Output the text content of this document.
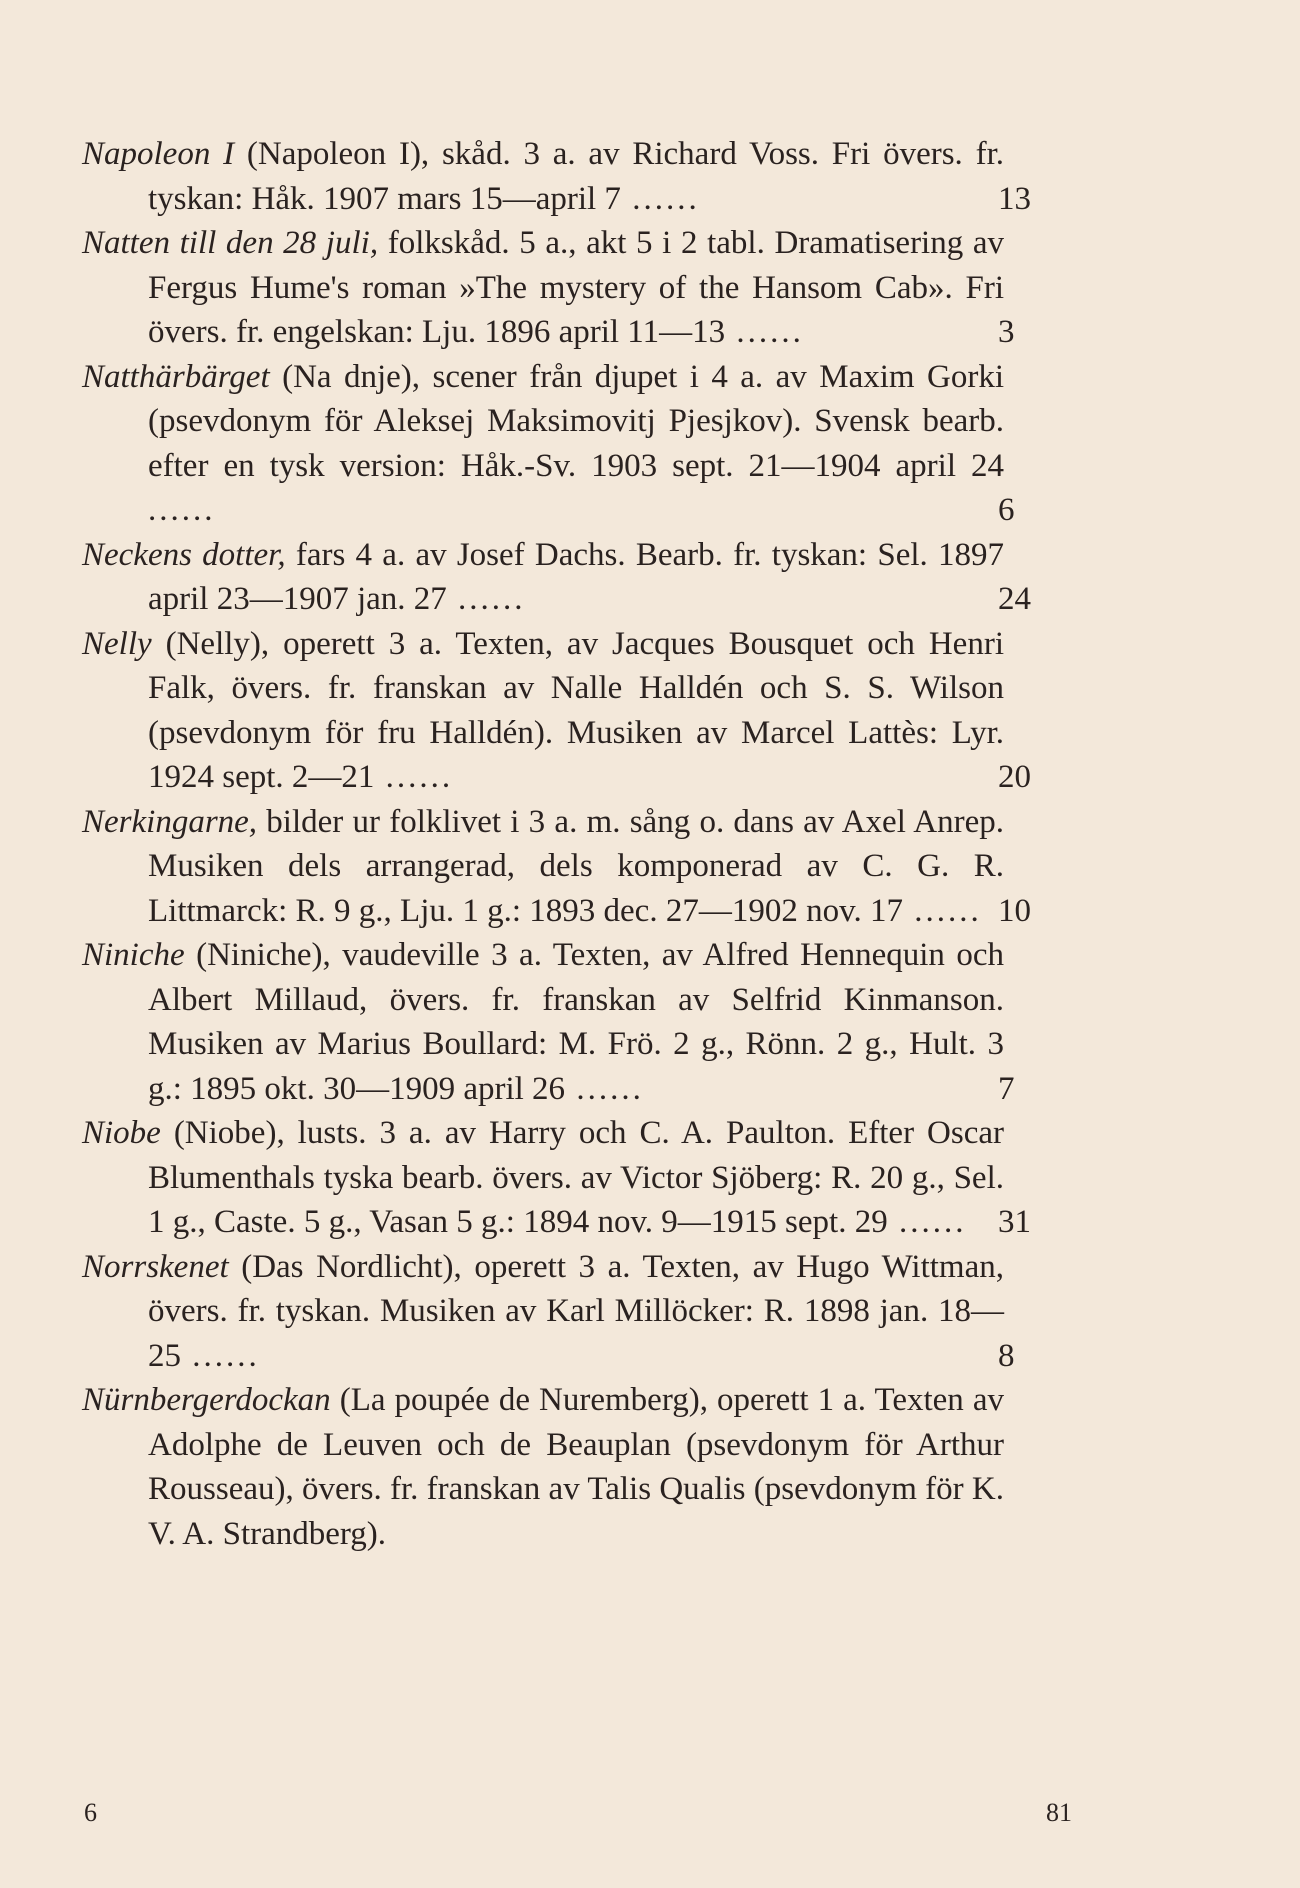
Napoleon I (Napoleon I), skåd. 3 a. av Richard Voss. Fri övers. fr. tyskan: Håk. 1907 mars 15—april 7 ......	13
Natten till den 28 juli, folkskåd. 5 a., akt 5 i 2 tabl. Dramatisering av Fergus Hume's roman »The mystery of the Hansom Cab». Fri övers. fr. engelskan: Lju. 1896 april 11—13 ......	3
Natthärbärget (Na dnje), scener från djupet i 4 a. av Maxim Gorki (psevdonym för Aleksej Maksimovitj Pjesjkov). Svensk bearb. efter en tysk version: Håk.-Sv. 1903 sept. 21—1904 april 24 ......	6
Neckens dotter, fars 4 a. av Josef Dachs. Bearb. fr. tyskan: Sel. 1897 april 23—1907 jan. 27 ......	24
Nelly (Nelly), operett 3 a. Texten, av Jacques Bousquet och Henri Falk, övers. fr. franskan av Nalle Halldén och S. S. Wilson (psevdonym för fru Halldén). Musiken av Marcel Lattès: Lyr. 1924 sept. 2—21 ......	20
Nerkingarne, bilder ur folklivet i 3 a. m. sång o. dans av Axel Anrep. Musiken dels arrangerad, dels komponerad av C. G. R. Littmarck: R. 9 g., Lju. 1 g.: 1893 dec. 27—1902 nov. 17 ...... 10
Niniche (Niniche), vaudeville 3 a. Texten, av Alfred Hennequin och Albert Millaud, övers. fr. franskan av Selfrid Kinmanson. Musiken av Marius Boullard: M. Frö. 2 g., Rönn. 2 g., Hult. 3 g.: 1895 okt. 30—1909 april 26 ......	7
Niobe (Niobe), lusts. 3 a. av Harry och C. A. Paulton. Efter Oscar Blumenthals tyska bearb. övers. av Victor Sjöberg: R. 20 g., Sel. 1 g., Caste. 5 g., Vasan 5 g.: 1894 nov. 9—1915 sept. 29 ...... 31
Norrskenet (Das Nordlicht), operett 3 a. Texten, av Hugo Wittman, övers. fr. tyskan. Musiken av Karl Millöcker: R. 1898 jan. 18—25 ......	8
Nürnbergerdockan (La poupée de Nuremberg), operett 1 a. Texten av Adolphe de Leuven och de Beauplan (psevdonym för Arthur Rousseau), övers. fr. franskan av Talis Qualis (psevdonym för K. V. A. Strandberg).
6	81
